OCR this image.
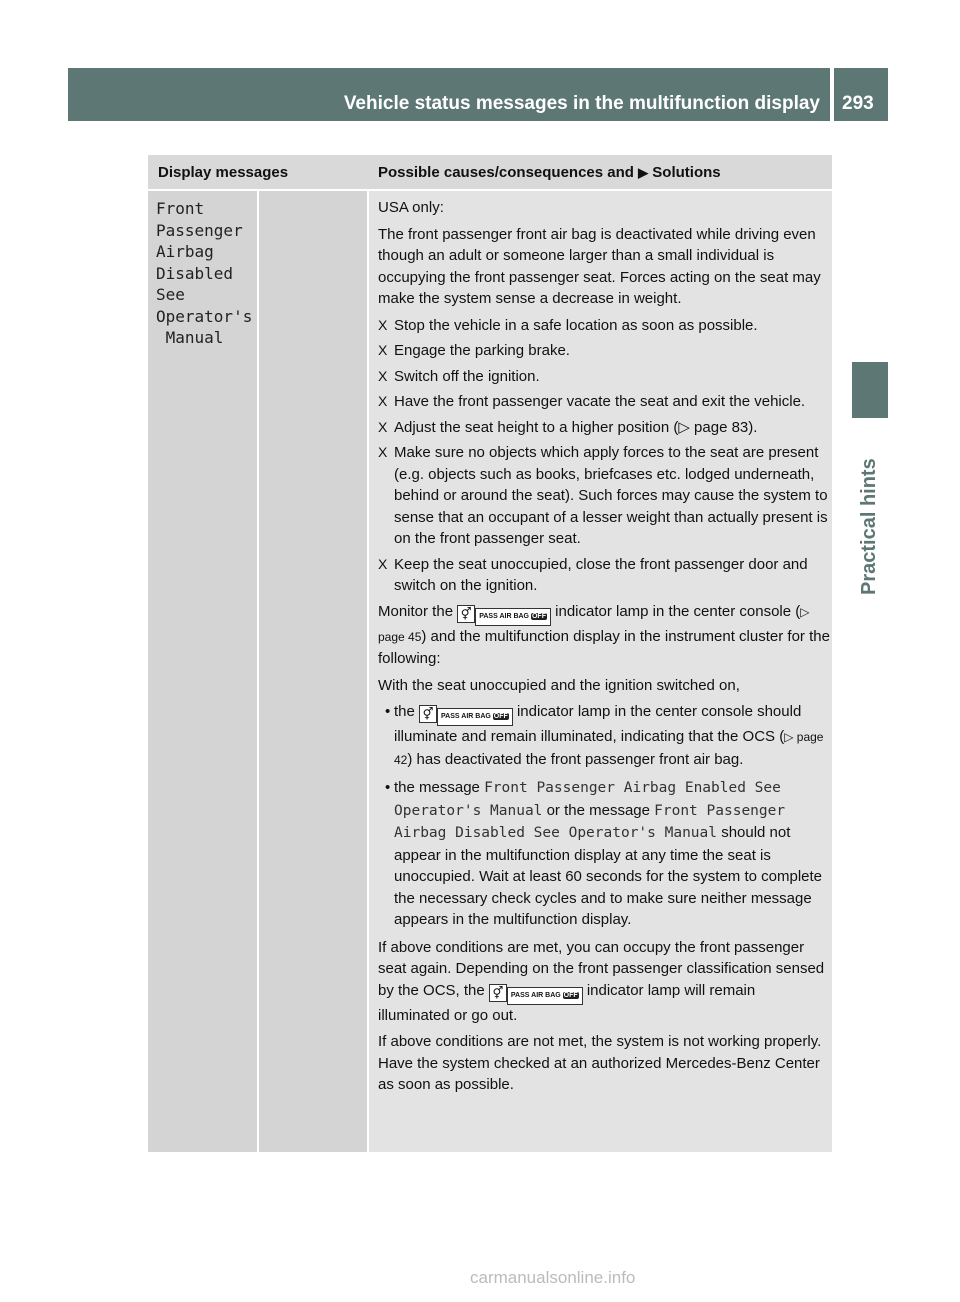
Vehicle status messages in the multifunction display 293
Practical hints
Display messages	Possible causes/consequences and ▶ Solutions
Front
Passenger
Airbag
Disabled
See
Operator's
Manual

USA only:

The front passenger front air bag is deactivated while driving even though an adult or someone larger than a small individual is occupying the front passenger seat. Forces acting on the seat may make the system sense a decrease in weight.

X Stop the vehicle in a safe location as soon as possible.
X Engage the parking brake.
X Switch off the ignition.
X Have the front passenger vacate the seat and exit the vehicle.
X Adjust the seat height to a higher position (▷ page 83).
X Make sure no objects which apply forces to the seat are present (e.g. objects such as books, briefcases etc. lodged underneath, behind or around the seat). Such forces may cause the system to sense that an occupant of a lesser weight than actually present is on the front passenger seat.
X Keep the seat unoccupied, close the front passenger door and switch on the ignition.

Monitor the ⚥ PASS AIR BAG OFF indicator lamp in the center console (▷ page 45) and the multifunction display in the instrument cluster for the following:

With the seat unoccupied and the ignition switched on,

• the ⚥ PASS AIR BAG OFF indicator lamp in the center console should illuminate and remain illuminated, indicating that the OCS (▷ page 42) has deactivated the front passenger front air bag.
• the message Front Passenger Airbag Enabled See Operator's Manual or the message Front Passenger Airbag Disabled See Operator's Manual should not appear in the multifunction display at any time the seat is unoccupied. Wait at least 60 seconds for the system to complete the necessary check cycles and to make sure neither message appears in the multifunction display.

If above conditions are met, you can occupy the front passenger seat again. Depending on the front passenger classification sensed by the OCS, the ⚥ PASS AIR BAG OFF indicator lamp will remain illuminated or go out.

If above conditions are not met, the system is not working properly. Have the system checked at an authorized Mercedes-Benz Center as soon as possible.

carmanualsonline.info
